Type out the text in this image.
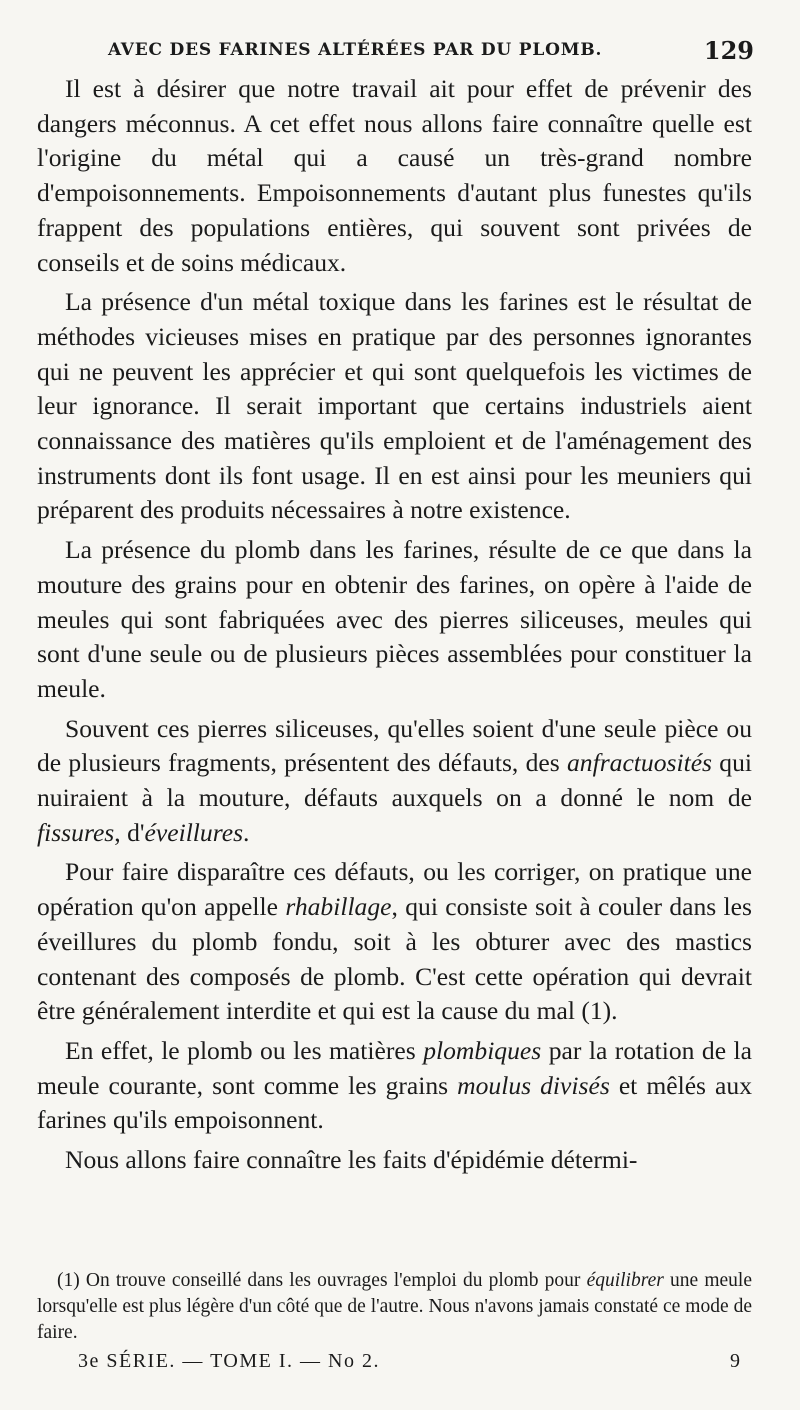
AVEC DES FARINES ALTÉRÉES PAR DU PLOMB.	129

Il est à désirer que notre travail ait pour effet de prévenir des dangers méconnus. A cet effet nous allons faire connaître quelle est l'origine du métal qui a causé un très-grand nombre d'empoisonnements. Empoisonnements d'autant plus funestes qu'ils frappent des populations entières, qui souvent sont privées de conseils et de soins médicaux.

La présence d'un métal toxique dans les farines est le résultat de méthodes vicieuses mises en pratique par des personnes ignorantes qui ne peuvent les apprécier et qui sont quelquefois les victimes de leur ignorance. Il serait important que certains industriels aient connaissance des matières qu'ils emploient et de l'aménagement des instruments dont ils font usage. Il en est ainsi pour les meuniers qui préparent des produits nécessaires à notre existence.

La présence du plomb dans les farines, résulte de ce que dans la mouture des grains pour en obtenir des farines, on opère à l'aide de meules qui sont fabriquées avec des pierres siliceuses, meules qui sont d'une seule ou de plusieurs pièces assemblées pour constituer la meule.

Souvent ces pierres siliceuses, qu'elles soient d'une seule pièce ou de plusieurs fragments, présentent des défauts, des anfractuosités qui nuiraient à la mouture, défauts auxquels on a donné le nom de fissures, d'éveillures.

Pour faire disparaître ces défauts, ou les corriger, on pratique une opération qu'on appelle rhabillage, qui consiste soit à couler dans les éveillures du plomb fondu, soit à les obturer avec des mastics contenant des composés de plomb. C'est cette opération qui devrait être généralement interdite et qui est la cause du mal (1).

En effet, le plomb ou les matières plombiques par la rotation de la meule courante, sont comme les grains moulus divisés et mêlés aux farines qu'ils empoisonnent.

Nous allons faire connaître les faits d'épidémie détermi-

(1) On trouve conseillé dans les ouvrages l'emploi du plomb pour équilibrer une meule lorsqu'elle est plus légère d'un côté que de l'autre. Nous n'avons jamais constaté ce mode de faire.
3e SÉRIE. — TOME I. — No 2.	9
